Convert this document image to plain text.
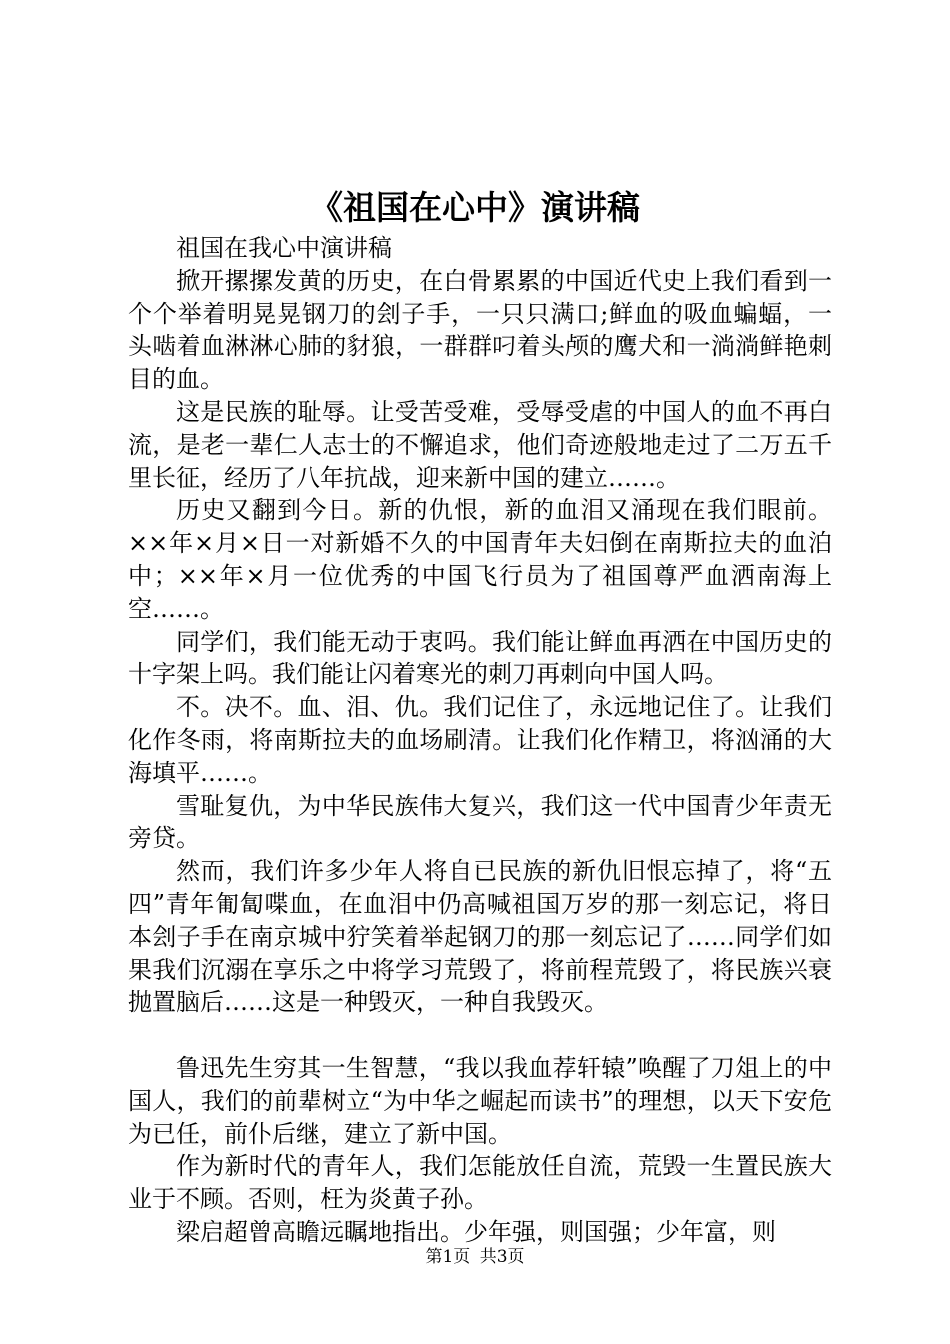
《祖国在心中》演讲稿

祖国在我心中演讲稿

掀开摞摞发黄的历史，在白骨累累的中国近代史上我们看到一个个举着明晃晃钢刀的刽子手，一只只满口;鲜血的吸血蝙蝠，一头啮着血淋淋心肺的豺狼，一群群叼着头颅的鹰犬和一淌淌鲜艳刺目的血。

这是民族的耻辱。让受苦受难，受辱受虐的中国人的血不再白流，是老一辈仁人志士的不懈追求，他们奇迹般地走过了二万五千里长征，经历了八年抗战，迎来新中国的建立……。

历史又翻到今日。新的仇恨，新的血泪又涌现在我们眼前。××年×月×日一对新婚不久的中国青年夫妇倒在南斯拉夫的血泊中；××年×月一位优秀的中国飞行员为了祖国尊严血洒南海上空……。

同学们，我们能无动于衷吗。我们能让鲜血再洒在中国历史的十字架上吗。我们能让闪着寒光的刺刀再刺向中国人吗。

不。决不。血、泪、仇。我们记住了，永远地记住了。让我们化作冬雨，将南斯拉夫的血场刷清。让我们化作精卫，将汹涌的大海填平……。

雪耻复仇，为中华民族伟大复兴，我们这一代中国青少年责无旁贷。

然而，我们许多少年人将自已民族的新仇旧恨忘掉了，将“五四”青年匍匐喋血，在血泪中仍高喊祖国万岁的那一刻忘记，将日本刽子手在南京城中狞笑着举起钢刀的那一刻忘记了……同学们如果我们沉溺在享乐之中将学习荒毁了，将前程荒毁了，将民族兴衰抛置脑后……这是一种毁灭，一种自我毁灭。

鲁迅先生穷其一生智慧，“我以我血荐轩辕”唤醒了刀俎上的中国人，我们的前辈树立“为中华之崛起而读书”的理想，以天下安危为已任，前仆后继，建立了新中国。

作为新时代的青年人，我们怎能放任自流，荒毁一生置民族大业于不顾。否则，枉为炎黄子孙。

梁启超曾高瞻远瞩地指出。少年强，则国强；少年富，则

第1页 共3页
